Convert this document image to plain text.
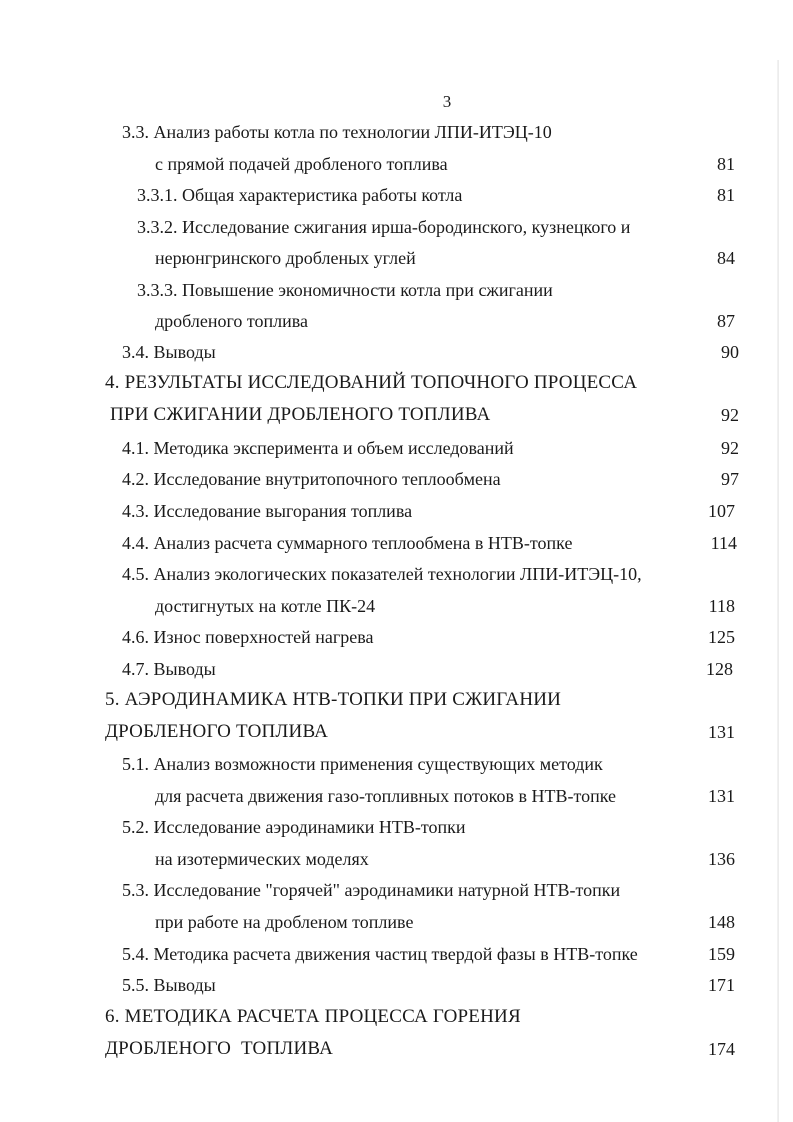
3
3.3. Анализ работы котла по технологии ЛПИ-ИТЭЦ-10
с прямой подачей дробленого топлива	81
3.3.1. Общая характеристика работы котла	81
3.3.2. Исследование сжигания ирша-бородинского, кузнецкого и
нерюнгринского дробленых углей	84
3.3.3. Повышение экономичности котла при сжигании
дробленого топлива	87
3.4. Выводы	90
4. РЕЗУЛЬТАТЫ ИССЛЕДОВАНИЙ ТОПОЧНОГО ПРОЦЕССА
ПРИ СЖИГАНИИ ДРОБЛЕНОГО ТОПЛИВА	92
4.1. Методика эксперимента и объем исследований	92
4.2. Исследование внутритопочного теплообмена	97
4.3. Исследование выгорания топлива	107
4.4. Анализ расчета суммарного теплообмена в НТВ-топке	114
4.5. Анализ экологических показателей технологии ЛПИ-ИТЭЦ-10,
достигнутых на котле ПК-24	118
4.6. Износ поверхностей нагрева	125
4.7. Выводы	128
5. АЭРОДИНАМИКА НТВ-ТОПКИ ПРИ СЖИГАНИИ
ДРОБЛЕНОГО ТОПЛИВА	131
5.1. Анализ возможности применения существующих методик
для расчета движения газо-топливных потоков в НТВ-топке	131
5.2. Исследование аэродинамики НТВ-топки
на изотермических моделях	136
5.3. Исследование "горячей" аэродинамики натурной НТВ-топки
при работе на дробленом топливе	148
5.4. Методика расчета движения частиц твердой фазы в НТВ-топке	159
5.5. Выводы	171
6. МЕТОДИКА РАСЧЕТА ПРОЦЕССА ГОРЕНИЯ
ДРОБЛЕНОГО  ТОПЛИВА	174
